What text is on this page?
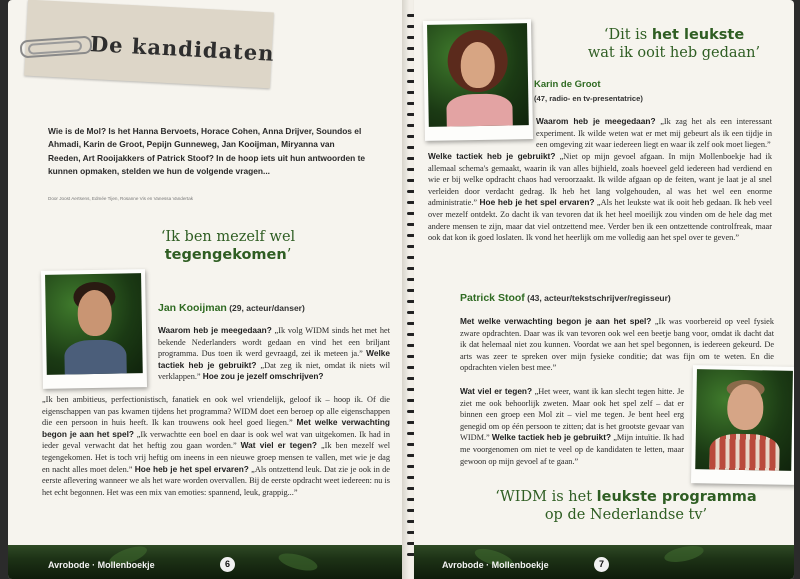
De kandidaten
Wie is de Mol? Is het Hanna Bervoets, Horace Cohen, Anna Drijver, Soundos el Ahmadi, Karin de Groot, Pepijn Gunneweg, Jan Kooijman, Miryanna van Reeden, Art Rooijakkers of Patrick Stoof? In de hoop iets uit hun antwoorden te kunnen opmaken, stelden we hun de volgende vragen...
Door Joost Aertsens, Edmée Tijen, Rosanne Vis en Vanessa Vandertak
‘Ik ben mezelf wel tegengekomen’
Jan Kooijman (29, acteur/danser)
Waarom heb je meegedaan? „Ik volg WIDM sinds het met het bekende Nederlanders wordt gedaan en vind het een briljant programma. Dus toen ik werd gevraagd, zei ik meteen ja.” Welke tactiek heb je gebruikt? „Dat zeg ik niet, omdat ik niets wil verklappen.” Hoe zou je jezelf omschrijven?
„Ik ben ambitieus, perfectionistisch, fanatiek en ook wel vriendelijk, geloof ik – hoop ik. Of die eigenschappen van pas kwamen tijdens het programma? WIDM doet een beroep op alle eigenschappen die een persoon in huis heeft. Ik kan trouwens ook heel goed liegen.” Met welke verwachting begon je aan het spel? „Ik verwachtte een boel en daar is ook wel wat van uitgekomen. Ik had in ieder geval verwacht dat het heftig zou gaan worden.” Wat viel er tegen? „Ik ben mezelf wel tegengekomen. Het is toch vrij heftig om ineens in een nieuwe groep mensen te vallen, met wie je dag en nacht alles moet delen.” Hoe heb je het spel ervaren? „Als ontzettend leuk. Dat zie je ook in de eerste aflevering wanneer we als het ware worden overvallen. Bij de eerste opdracht weet iedereen: nu is het echt begonnen. Het was een mix van emoties: spannend, leuk, grappig...”
Avrobode · Mollenboekje	6
‘Dit is het leukste
wat ik ooit heb gedaan’
Karin de Groot
(47, radio- en tv-presentatrice)
Waarom heb je meegedaan? „Ik zag het als een interessant experiment. Ik wilde weten wat er met mij gebeurt als ik een tijdje in een omgeving zit waar iedereen liegt en waar ik zelf ook moet liegen.”
Welke tactiek heb je gebruikt? „Niet op mijn gevoel afgaan. In mijn Mollenboekje had ik allemaal schema's gemaakt, waarin ik van alles bijhield, zoals hoeveel geld iedereen had verdiend en wie er bij welke opdracht chaos had veroorzaakt. Ik wilde afgaan op de feiten, want je laat je al snel verleiden door verdacht gedrag. Ik heb het lang volgehouden, al was het wel een enorme administratie.” Hoe heb je het spel ervaren? „Als het leukste wat ik ooit heb gedaan. Ik heb veel over mezelf ontdekt. Zo dacht ik van tevoren dat ik het heel moeilijk zou vinden om de hele dag met andere mensen te zijn, maar dat viel ontzettend mee. Verder ben ik een ontzettende controlfreak, maar ook dat kon ik goed loslaten. Ik vond het heerlijk om me volledig aan het spel over te geven.”
Patrick Stoof (43, acteur/tekstschrijver/regisseur)
Met welke verwachting begon je aan het spel? „Ik was voorbereid op veel fysiek zware opdrachten. Daar was ik van tevoren ook wel een beetje bang voor, omdat ik dacht dat ik dat helemaal niet zou kunnen. Voordat we aan het spel begonnen, is iedereen gekeurd. De arts was zeer te spreken over mijn fysieke conditie; dat was fijn om te weten. En die opdrachten vielen best mee.”
Wat viel er tegen? „Het weer, want ik kan slecht tegen hitte. Je ziet me ook behoorlijk zweten. Maar ook het spel zelf – dat er binnen een groep een Mol zit – viel me tegen. Je bent heel erg genegid om op één persoon te zitten; dat is het grootste gevaar van WIDM.” Welke tactiek heb je gebruikt? „Mijn intuïtie. Ik had me voorgenomen om niet te veel op de kandidaten te letten, maar gewoon op mijn gevoel af te gaan.”
‘WIDM is het leukste programma
op de Nederlandse tv’
Avrobode · Mollenboekje	7
